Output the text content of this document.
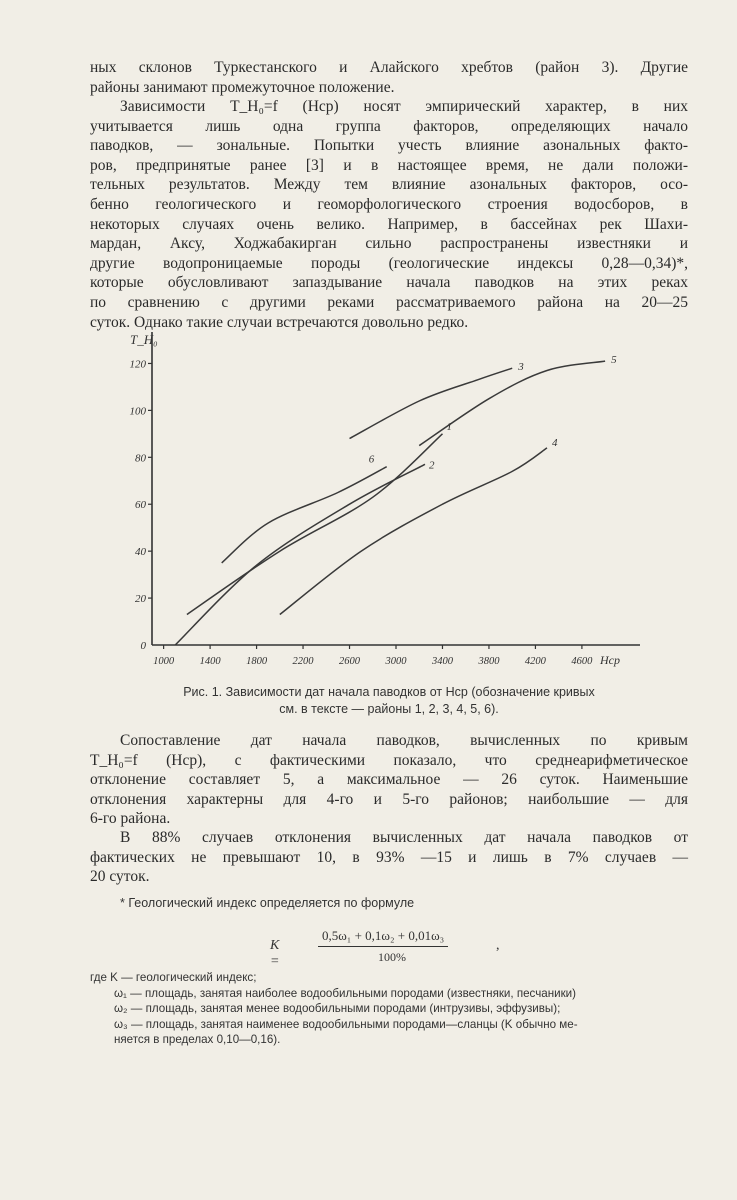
ных склонов Туркестанского и Алайского хребтов (район 3). Другие
районы занимают промежуточное положение.
Зависимости T_H₀=f (Hср) носят эмпирический характер, в них
учитывается лишь одна группа факторов, определяющих начало
паводков, — зональные. Попытки учесть влияние азональных факто-
ров, предпринятые ранее [3] и в настоящее время, не дали положи-
тельных результатов. Между тем влияние азональных факторов, осо-
бенно геологического и геоморфологического строения водосборов, в
некоторых случаях очень велико. Например, в бассейнах рек Шахи-
мардан, Аксу, Ходжабакирган сильно распространены известняки и
другие водопроницаемые породы (геологические индексы 0,28—0,34)*,
которые обусловливают запаздывание начала паводков на этих реках
по сравнению с другими реками рассматриваемого района на 20—25
суток. Однако такие случаи встречаются довольно редко.
0
20
40
60
80
100
120
1000 1400 1800 2200 2600 3000 3400 3800 4200 4600
T_H₀
Hср
1
2
3
4
5
6
Рис. 1. Зависимости дат начала паводков от Hср (обозначение кривых
см. в тексте — районы 1, 2, 3, 4, 5, 6).
Сопоставление дат начала паводков, вычисленных по кривым
T_H₀=f (Hср), с фактическими показало, что среднеарифметическое
отклонение составляет 5, а максимальное — 26 суток. Наименьшие
отклонения характерны для 4-го и 5-го районов; наибольшие — для
6-го района.
В 88% случаев отклонения вычисленных дат начала паводков от
фактических не превышают 10, в 93% —15 и лишь в 7% случаев —
20 суток.
* Геологический индекс определяется по формуле
K =
0,5ω₁ + 0,1ω₂ + 0,01ω₃
100%
,
где K — геологический индекс;
ω₁ — площадь, занятая наиболее водообильными породами (известняки, песчаники)
ω₂ — площадь, занятая менее водообильными породами (интрузивы, эффузивы);
ω₃ — площадь, занятая наименее водообильными породами—сланцы (K обычно ме-
няется в пределах 0,10—0,16).
